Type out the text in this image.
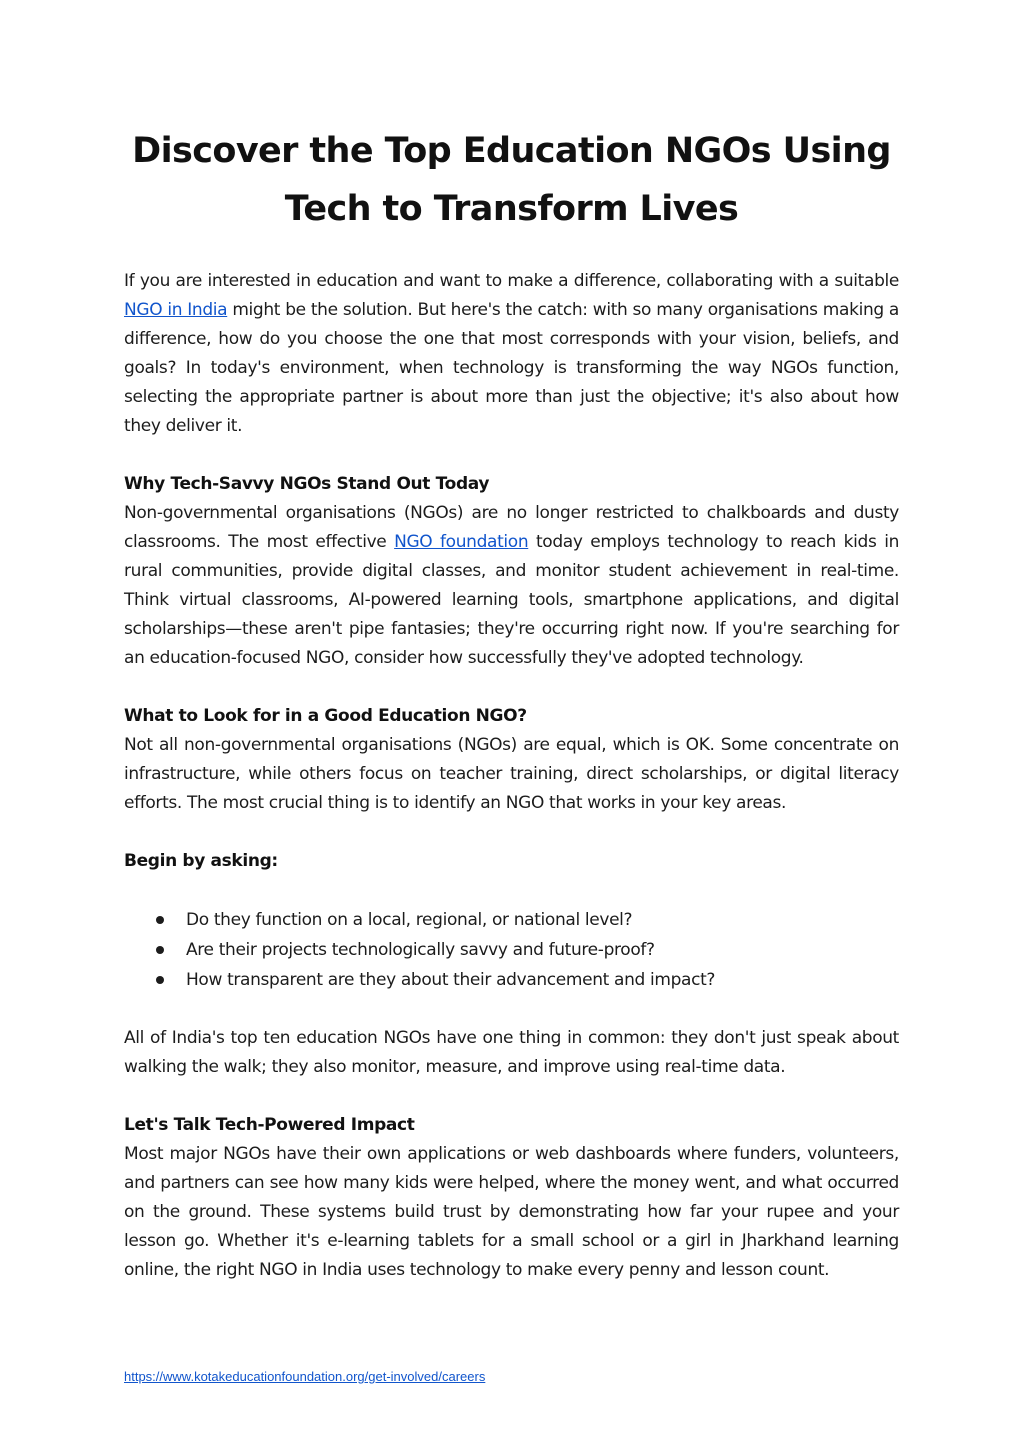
Discover the Top Education NGOs Using
Tech to Transform Lives

If you are interested in education and want to make a difference, collaborating with a suitable NGO in India might be the solution. But here's the catch: with so many organisations making a difference, how do you choose the one that most corresponds with your vision, beliefs, and goals? In today's environment, when technology is transforming the way NGOs function, selecting the appropriate partner is about more than just the objective; it's also about how they deliver it.

Why Tech-Savvy NGOs Stand Out Today

Non-governmental organisations (NGOs) are no longer restricted to chalkboards and dusty classrooms. The most effective NGO foundation today employs technology to reach kids in rural communities, provide digital classes, and monitor student achievement in real-time. Think virtual classrooms, AI-powered learning tools, smartphone applications, and digital scholarships—these aren't pipe fantasies; they're occurring right now. If you're searching for an education-focused NGO, consider how successfully they've adopted technology.

What to Look for in a Good Education NGO?

Not all non-governmental organisations (NGOs) are equal, which is OK. Some concentrate on infrastructure, while others focus on teacher training, direct scholarships, or digital literacy efforts. The most crucial thing is to identify an NGO that works in your key areas.

Begin by asking:

Do they function on a local, regional, or national level?
Are their projects technologically savvy and future-proof?
How transparent are they about their advancement and impact?

All of India's top ten education NGOs have one thing in common: they don't just speak about walking the walk; they also monitor, measure, and improve using real-time data.

Let's Talk Tech-Powered Impact

Most major NGOs have their own applications or web dashboards where funders, volunteers, and partners can see how many kids were helped, where the money went, and what occurred on the ground. These systems build trust by demonstrating how far your rupee and your lesson go. Whether it's e-learning tablets for a small school or a girl in Jharkhand learning online, the right NGO in India uses technology to make every penny and lesson count.

https://www.kotakeducationfoundation.org/get-involved/careers
